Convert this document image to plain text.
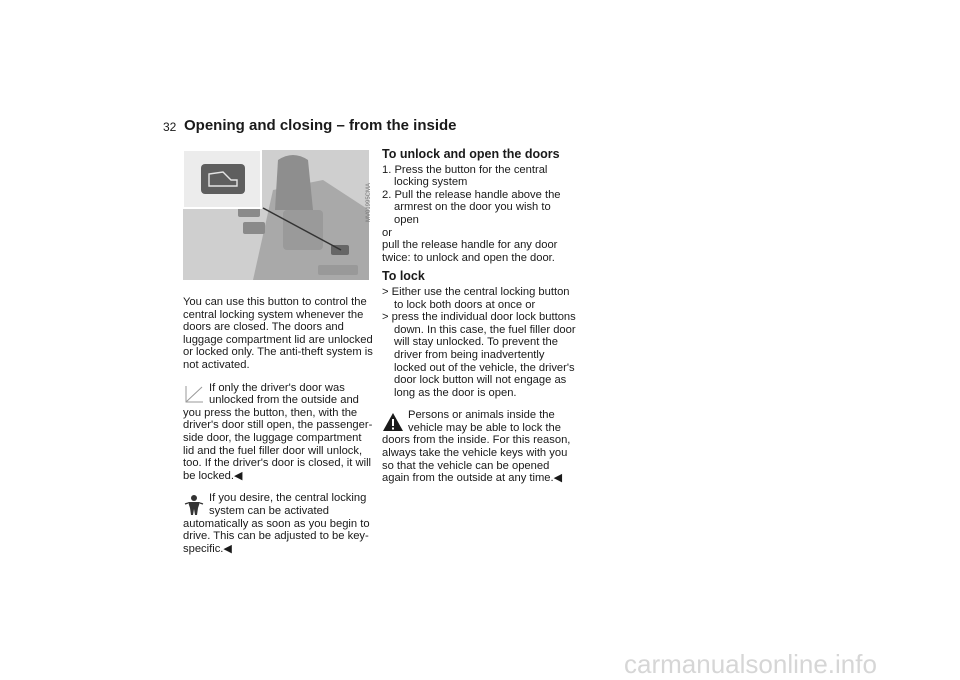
32 Opening and closing – from the inside
MV01995CMA

You can use this button to control the central locking system whenever the doors are closed. The doors and luggage compartment lid are unlocked or locked only. The anti-theft system is not activated.

If only the driver's door was unlocked from the outside and you press the button, then, with the driver's door still open, the passenger-side door, the luggage compartment lid and the fuel filler door will unlock, too. If the driver's door is closed, it will be locked.◀
If you desire, the central locking system can be activated automatically as soon as you begin to drive. This can be adjusted to be key-specific.◀
To unlock and open the doors
1. Press the button for the central locking system
2. Pull the release handle above the armrest on the door you wish to open

or

pull the release handle for any door twice: to unlock and open the door.

To lock
> Either use the central locking button to lock both doors at once or
> press the individual door lock buttons down. In this case, the fuel filler door will stay unlocked. To prevent the driver from being inadvertently locked out of the vehicle, the driver's door lock button will not engage as long as the door is open.
Persons or animals inside the vehicle may be able to lock the doors from the inside. For this reason, always take the vehicle keys with you so that the vehicle can be opened again from the outside at any time.◀
carmanualsonline.info
